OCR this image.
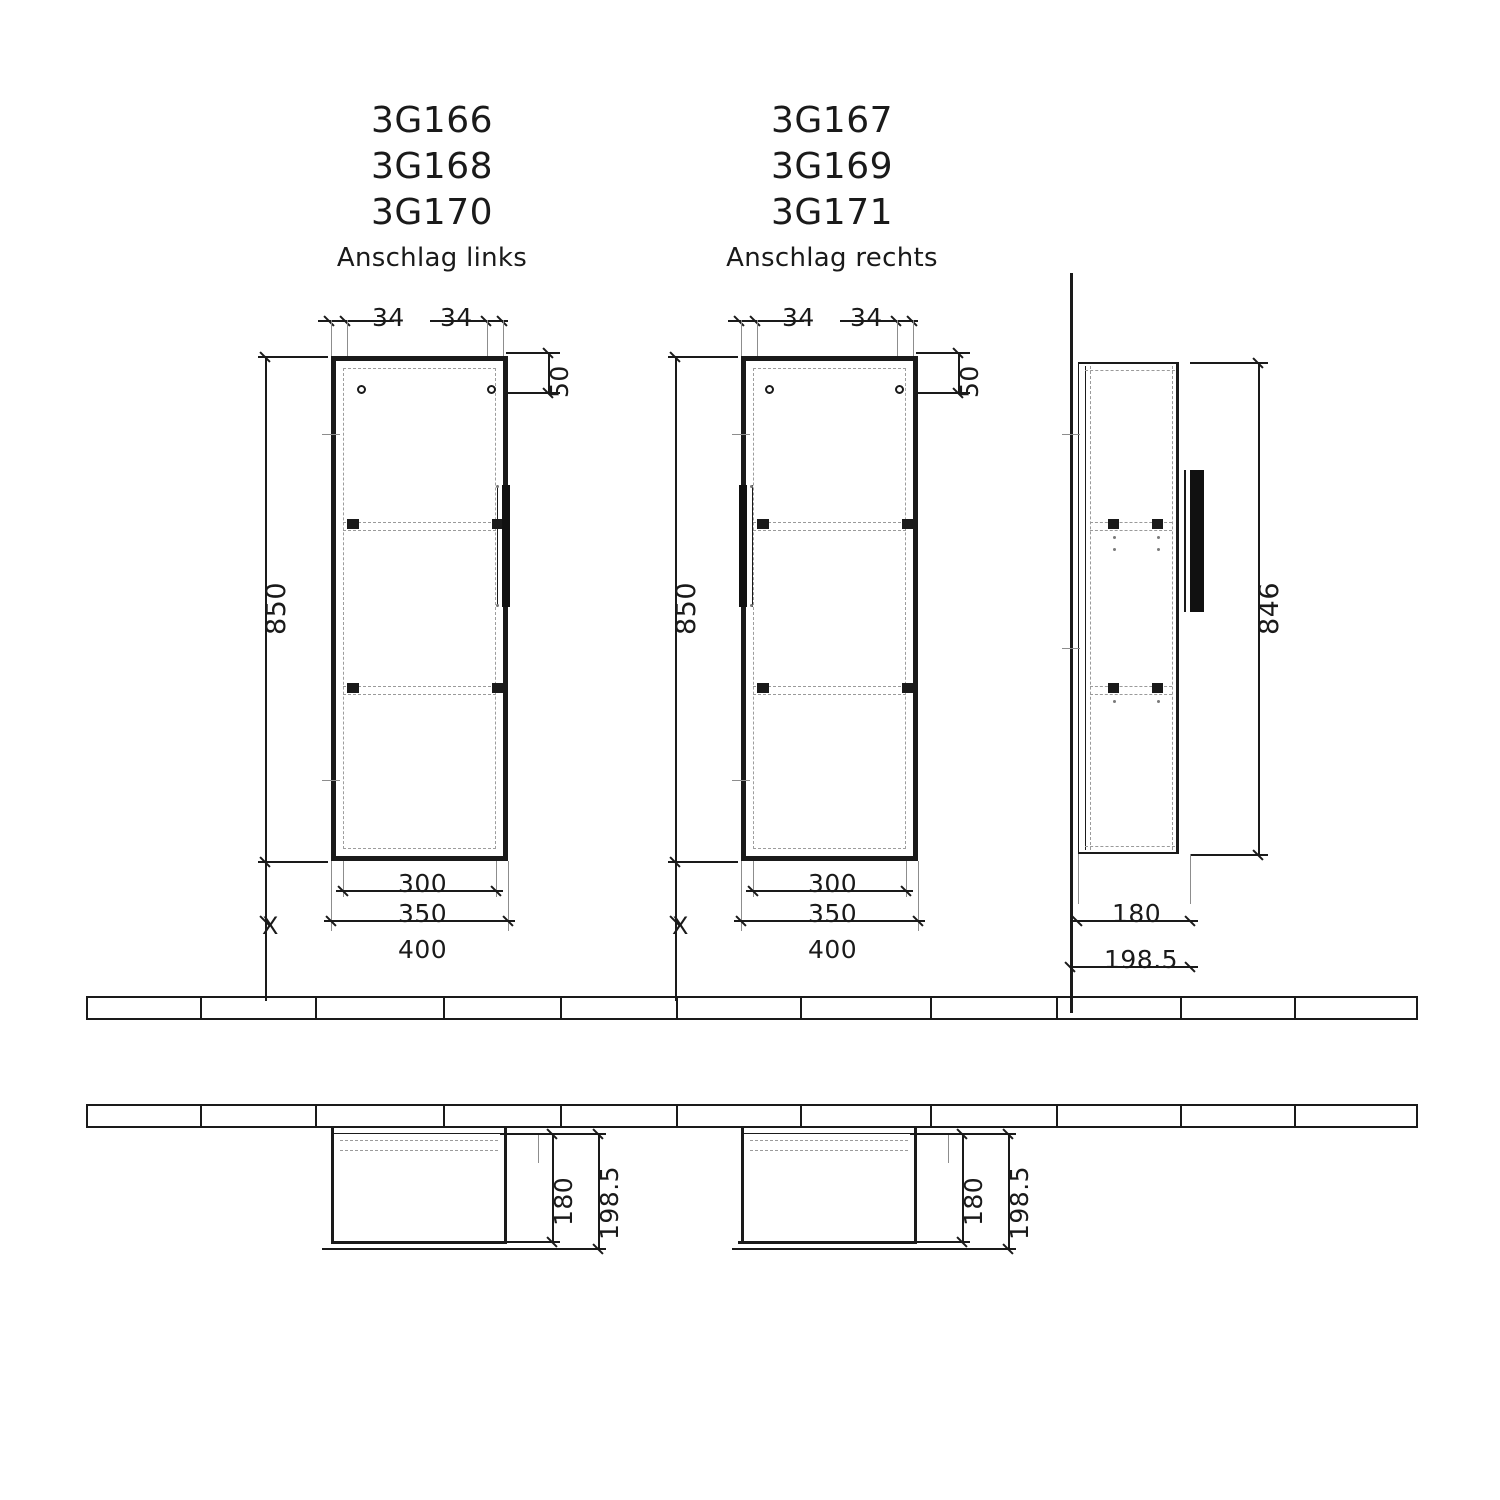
3G166
3G168
3G170
Anschlag links
3G167
3G169
3G171
Anschlag rechts
34 34
50
850
X
300
350
400
34 34
50
850
X
300
350
400
846
180
198.5
180 198.5	180 198.5
